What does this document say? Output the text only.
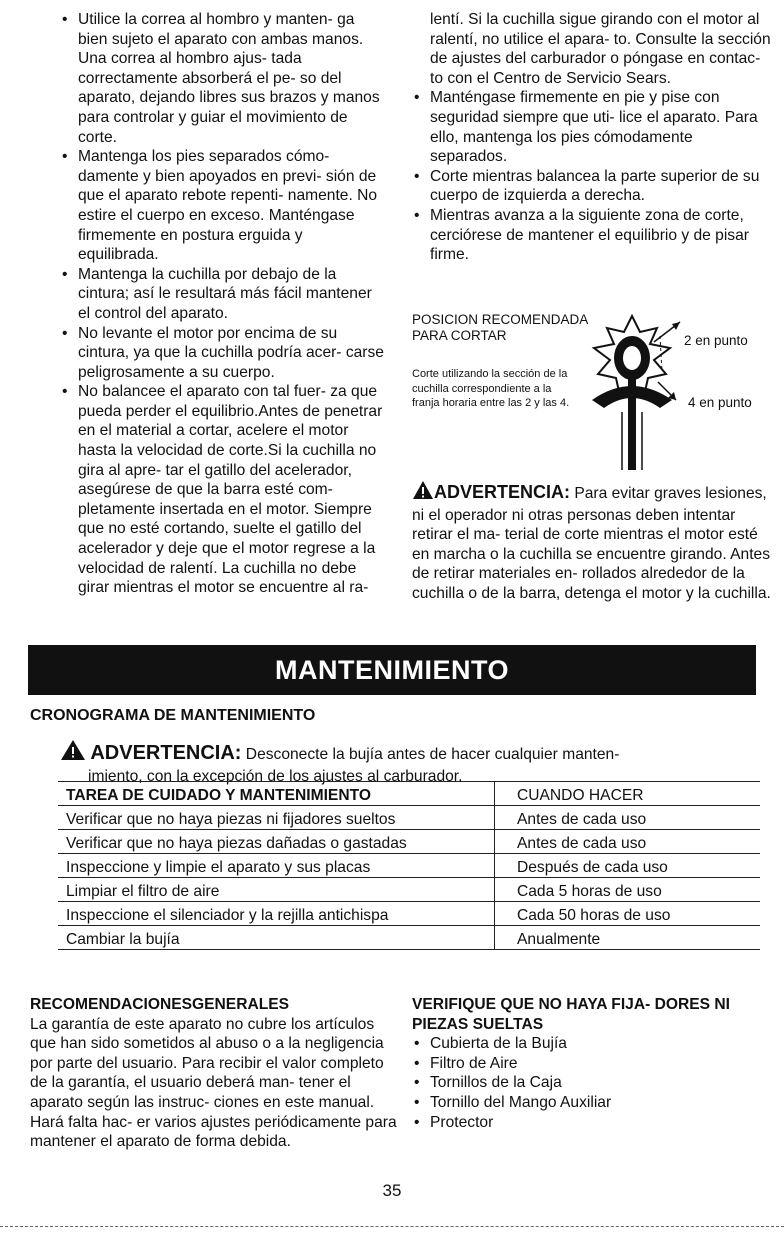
• Utilice la correa al hombro y manten- ga bien sujeto el aparato con ambas manos. Una correa al hombro ajus- tada correctamente absorberá el pe- so del aparato, dejando libres sus brazos y manos para controlar y guiar el movimiento de corte.
• Mantenga los pies separados cómo- damente y bien apoyados en previ- sión de que el aparato rebote repenti- namente. No estire el cuerpo en exceso. Manténgase firmemente en postura erguida y equilibrada.
• Mantenga la cuchilla por debajo de la cintura; así le resultará más fácil mantener el control del aparato.
• No levante el motor por encima de su cintura, ya que la cuchilla podría acer- carse peligrosamente a su cuerpo.
• No balancee el aparato con tal fuer- za que pueda perder el equilibrio.Antes de penetrar en el material a cortar, acelere el motor hasta la velocidad de corte.Si la cuchilla no gira al apre- tar el gatillo del acelerador, asegúrese de que la barra esté com- pletamente insertada en el motor. Siempre que no esté cortando, suelte el gatillo del acelerador y deje que el motor regrese a la velocidad de ralentí. La cuchilla no debe girar mientras el motor se encuentre al ra-
lentí. Si la cuchilla sigue girando con el motor al ralentí, no utilice el apara- to. Consulte la sección de ajustes del carburador o póngase en contac- to con el Centro de Servicio Sears.
• Manténgase firmemente en pie y pise con seguridad siempre que uti- lice el aparato. Para ello, mantenga los pies cómodamente separados.
• Corte mientras balancea la parte superior de su cuerpo de izquierda a derecha.
• Mientras avanza a la siguiente zona de corte, cerciórese de mantener el equilibrio y de pisar firme.
POSICION RECOMENDADA
PARA CORTAR
Corte utilizando la sección de la cuchilla correspondiente a la franja horaria entre las 2 y las 4.
2 en punto
4 en punto
ADVERTENCIA: Para evitar graves lesiones, ni el operador ni otras personas deben intentar retirar el ma- terial de corte mientras el motor esté en marcha o la cuchilla se encuentre girando. Antes de retirar materiales en- rollados alrededor de la cuchilla o de la barra, detenga el motor y la cuchilla.
MANTENIMIENTO
CRONOGRAMA DE MANTENIMIENTO
ADVERTENCIA: Desconecte la bujía antes de hacer cualquier manten-
imiento, con la excepción de los ajustes al carburador.
TAREA DE CUIDADO Y MANTENIMIENTO	CUANDO HACER
Verificar que no haya piezas ni fijadores sueltos	Antes de cada uso
Verificar que no haya piezas dañadas o gastadas	Antes de cada uso
Inspeccione y limpie el aparato y sus placas	Después de cada uso
Limpiar el filtro de aire	Cada 5 horas de uso
Inspeccione el silenciador y la rejilla antichispa	Cada 50 horas de uso
Cambiar la bujía	Anualmente
RECOMENDACIONESGENERALES
La garantía de este aparato no cubre los artículos que han sido sometidos al abuso o a la negligencia por parte del usuario. Para recibir el valor completo de la garantía, el usuario deberá man- tener el aparato según las instruc- ciones en este manual. Hará falta hac- er varios ajustes periódicamente para mantener el aparato de forma debida.
VERIFIQUE QUE NO HAYA FIJA- DORES NI PIEZAS SUELTAS
• Cubierta de la Bujía
• Filtro de Aire
• Tornillos de la Caja
• Tornillo del Mango Auxiliar
• Protector
35
